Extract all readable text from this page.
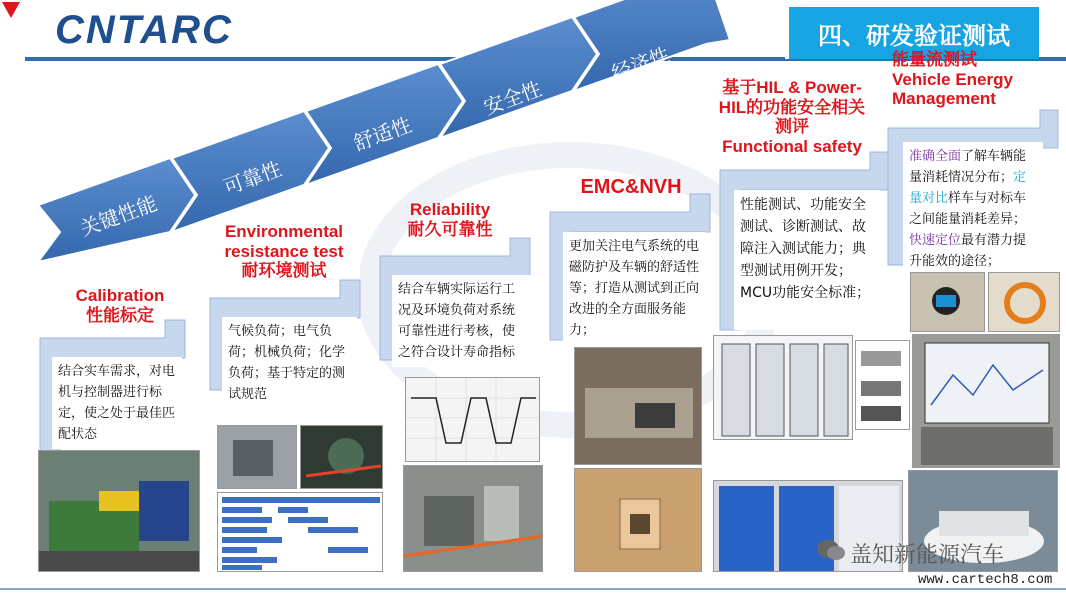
CNTARC	四、研发验证测试
关键性能
可靠性
舒适性
安全性
经济性
Calibration
性能标定
结合实车需求，对电机与控制器进行标定，使之处于最佳匹配状态
Environmental
resistance test
耐环境测试
气候负荷；电气负荷；机械负荷；化学负荷；基于特定的测试规范
Reliability
耐久可靠性
结合车辆实际运行工况及环境负荷对系统可靠性进行考核，使之符合设计寿命指标
EMC&NVH
更加关注电气系统的电磁防护及车辆的舒适性等；打造从测试到正向改进的全方面服务能力；
基于HIL & Power-
HIL的功能安全相关
测评
Functional safety
性能测试、功能安全测试、诊断测试、故障注入测试能力；典型测试用例开发；MCU功能安全标准；
能量流测试
Vehicle Energy
Management
准确全面了解车辆能量消耗情况分布；定量对比样车与对标车之间能量消耗差异；快速定位最有潜力提升能效的途径；
盖知新能源汽车
www.cartech8.com
